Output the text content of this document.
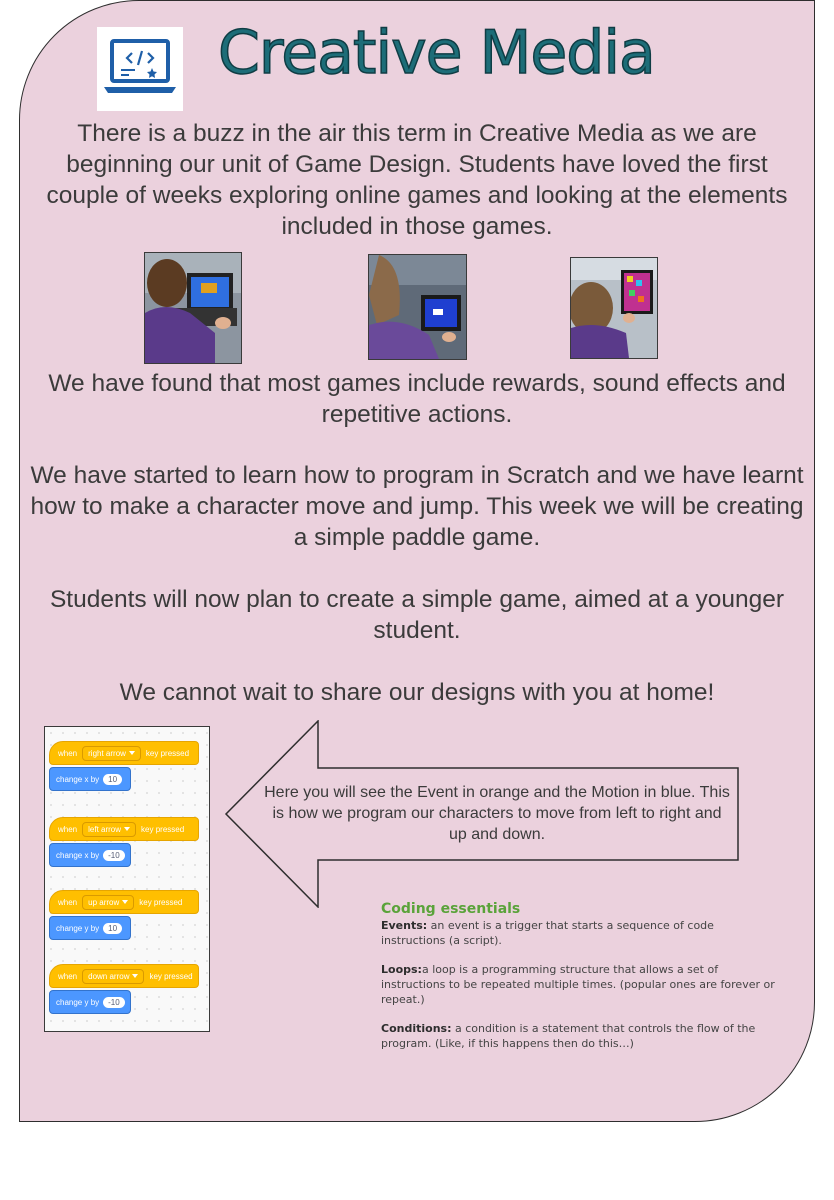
Creative Media

There is a buzz in the air this term in Creative Media as we are beginning our unit of Game Design. Students have loved the first couple of weeks exploring online games and looking at the elements included in those games.

We have found that most games include rewards, sound effects and repetitive actions.

We have started to learn how to program in Scratch and we have learnt how to make a character move and jump. This week we will be creating a simple paddle game.

Students will now plan to create a simple game, aimed at a younger student.

We cannot wait to share our designs with you at home!

when right arrow	key pressed
change x by	10
when left arrow	key pressed
change x by	-10
when up arrow	key pressed
change y by	10
when down arrow	key pressed
change y by	-10

Here you will see the Event in orange and the Motion in blue. This is how we program our characters to move from left to right and up and down.

Coding essentials

Events: an event is a trigger that starts a sequence of code instructions (a script).

Loops:a loop is a programming structure that allows a set of instructions to be repeated multiple times. (popular ones are forever or repeat.)

Conditions: a condition is a statement that controls the flow of the program. (Like, if this happens then do this…)
